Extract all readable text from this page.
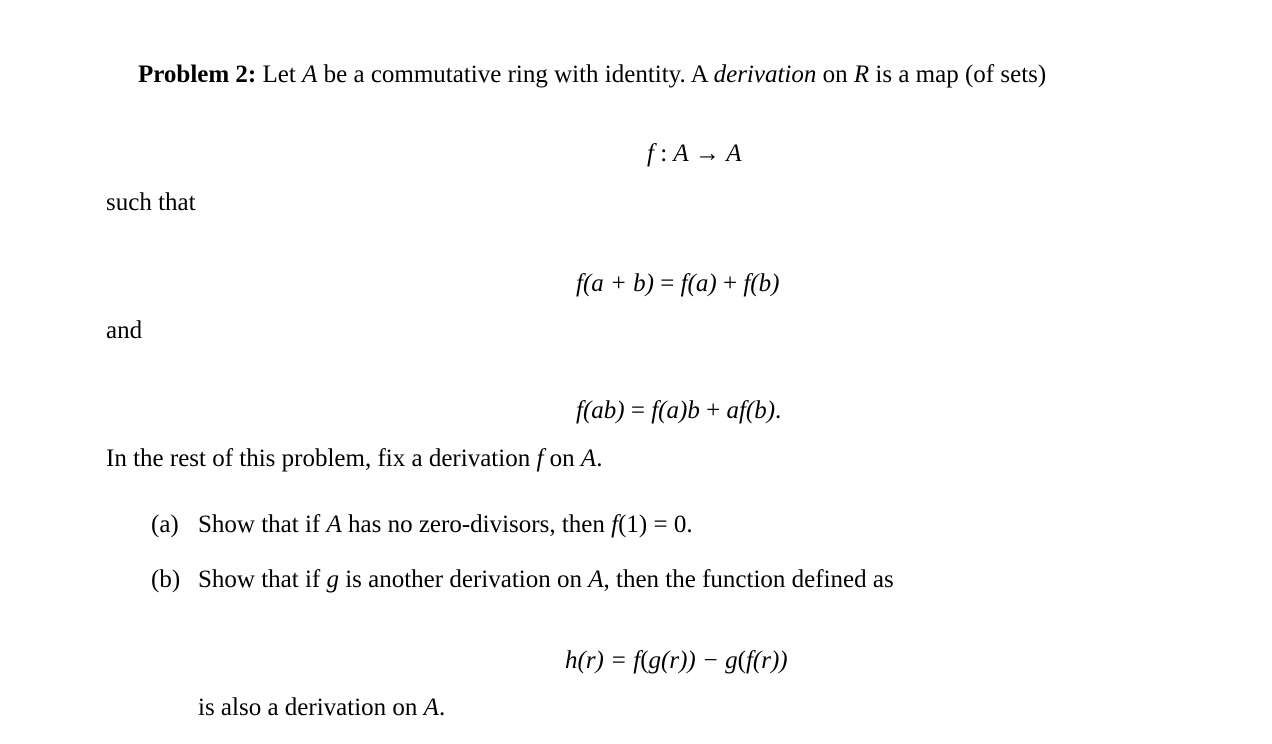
Problem 2: Let A be a commutative ring with identity. A derivation on R is a map (of sets)
f : A → A
such that
f(a + b) = f(a) + f(b)
and
f(ab) = f(a)b + af(b).
In the rest of this problem, fix a derivation f on A.
(a) Show that if A has no zero-divisors, then f(1) = 0.
(b) Show that if g is another derivation on A, then the function defined as
h(r) = f(g(r)) − g(f(r))
is also a derivation on A.
